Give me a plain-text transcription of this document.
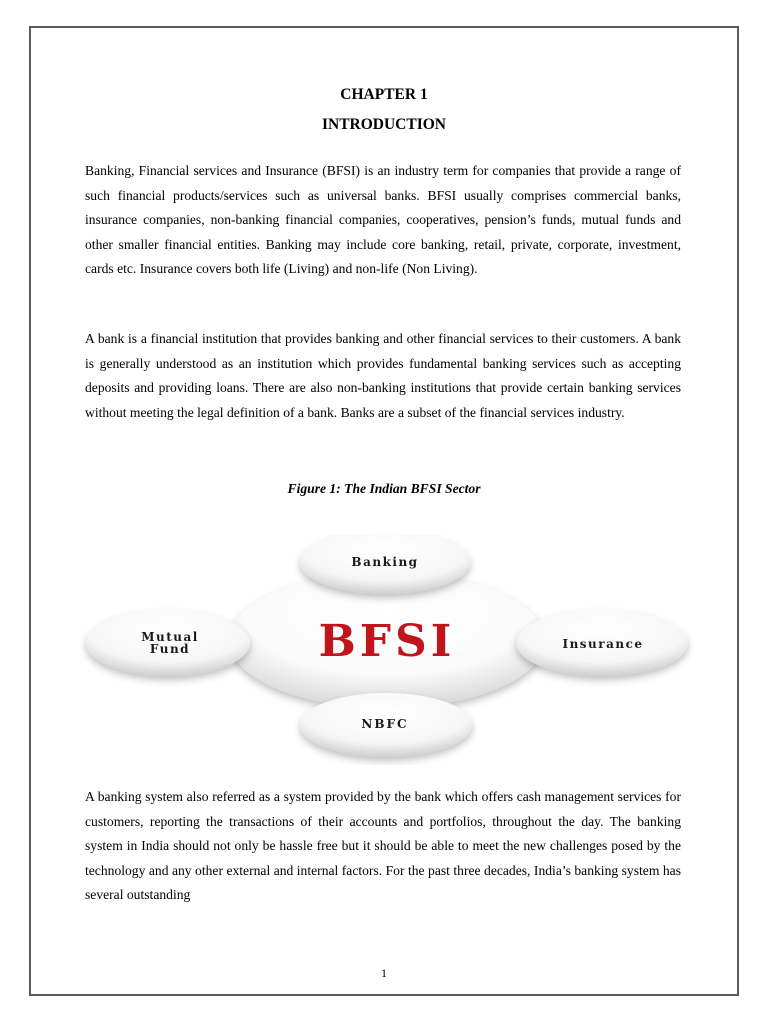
CHAPTER 1
INTRODUCTION

Banking, Financial services and Insurance (BFSI) is an industry term for companies that provide a range of such financial products/services such as universal banks. BFSI usually comprises commercial banks, insurance companies, non-banking financial companies, cooperatives, pension’s funds, mutual funds and other smaller financial entities. Banking may include core banking, retail, private, corporate, investment, cards etc. Insurance covers both life (Living) and non-life (Non Living).

A bank is a financial institution that provides banking and other financial services to their customers. A bank is generally understood as an institution which provides fundamental banking services such as accepting deposits and providing loans. There are also non-banking institutions that provide certain banking services without meeting the legal definition of a bank. Banks are a subset of the financial services industry.

Figure 1: The Indian BFSI Sector
BFSI
Banking
Mutual
Fund	Insurance
NBFC

A banking system also referred as a system provided by the bank which offers cash management services for customers, reporting the transactions of their accounts and portfolios, throughout the day. The banking system in India should not only be hassle free but it should be able to meet the new challenges posed by the technology and any other external and internal factors. For the past three decades, India’s banking system has several outstanding

1
